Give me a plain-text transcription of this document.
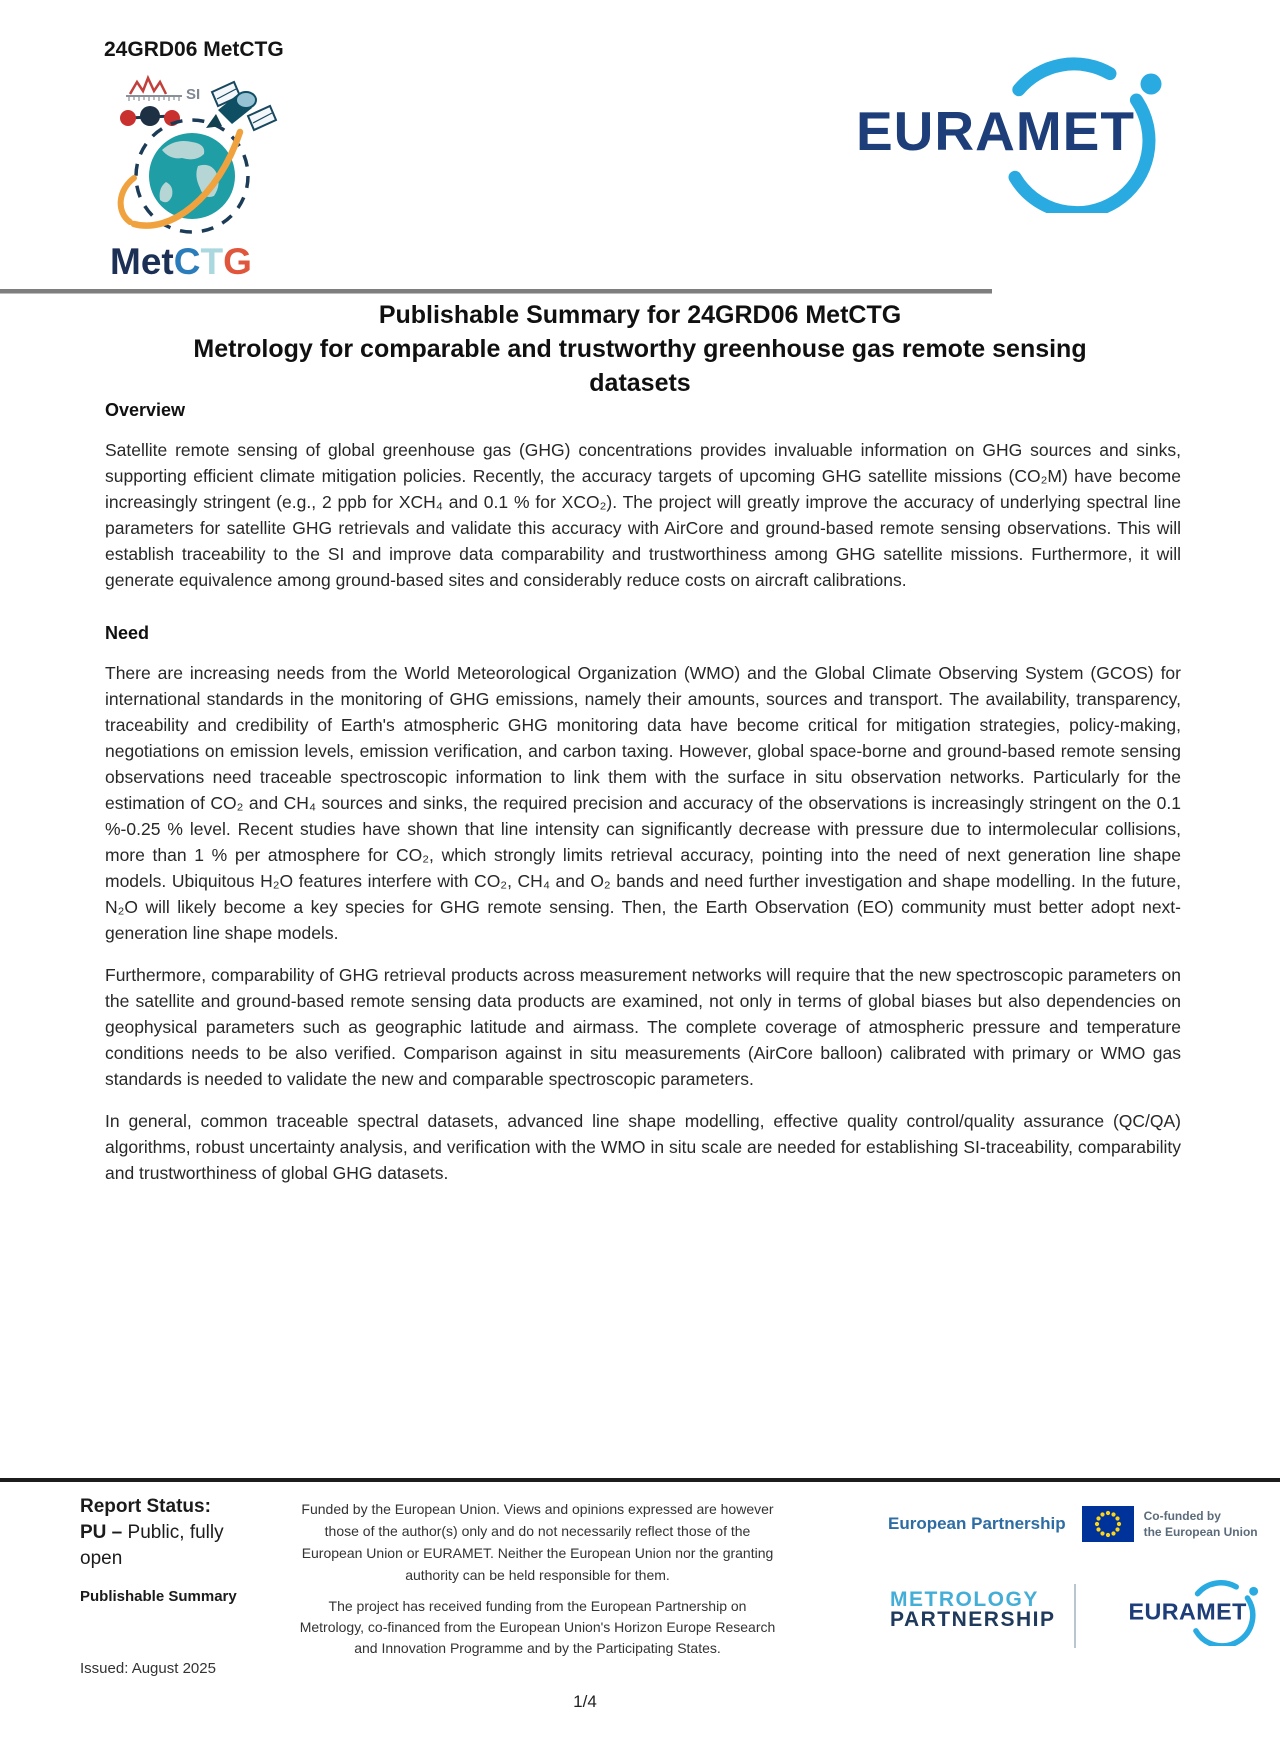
24GRD06 MetCTG
SI
MetCTG
EURAMET
Publishable Summary for 24GRD06 MetCTG
Metrology for comparable and trustworthy greenhouse gas remote sensing datasets
Overview

Satellite remote sensing of global greenhouse gas (GHG) concentrations provides invaluable information on GHG sources and sinks, supporting efficient climate mitigation policies. Recently, the accuracy targets of upcoming GHG satellite missions (CO₂M) have become increasingly stringent (e.g., 2 ppb for XCH₄ and 0.1 % for XCO₂). The project will greatly improve the accuracy of underlying spectral line parameters for satellite GHG retrievals and validate this accuracy with AirCore and ground-based remote sensing observations. This will establish traceability to the SI and improve data comparability and trustworthiness among GHG satellite missions. Furthermore, it will generate equivalence among ground-based sites and considerably reduce costs on aircraft calibrations.

Need

There are increasing needs from the World Meteorological Organization (WMO) and the Global Climate Observing System (GCOS) for international standards in the monitoring of GHG emissions, namely their amounts, sources and transport. The availability, transparency, traceability and credibility of Earth's atmospheric GHG monitoring data have become critical for mitigation strategies, policy-making, negotiations on emission levels, emission verification, and carbon taxing. However, global space-borne and ground-based remote sensing observations need traceable spectroscopic information to link them with the surface in situ observation networks. Particularly for the estimation of CO₂ and CH₄ sources and sinks, the required precision and accuracy of the observations is increasingly stringent on the 0.1 %-0.25 % level. Recent studies have shown that line intensity can significantly decrease with pressure due to intermolecular collisions, more than 1 % per atmosphere for CO₂, which strongly limits retrieval accuracy, pointing into the need of next generation line shape models. Ubiquitous H₂O features interfere with CO₂, CH₄ and O₂ bands and need further investigation and shape modelling. In the future, N₂O will likely become a key species for GHG remote sensing. Then, the Earth Observation (EO) community must better adopt next-generation line shape models.

Furthermore, comparability of GHG retrieval products across measurement networks will require that the new spectroscopic parameters on the satellite and ground-based remote sensing data products are examined, not only in terms of global biases but also dependencies on geophysical parameters such as geographic latitude and airmass. The complete coverage of atmospheric pressure and temperature conditions needs to be also verified. Comparison against in situ measurements (AirCore balloon) calibrated with primary or WMO gas standards is needed to validate the new and comparable spectroscopic parameters.

In general, common traceable spectral datasets, advanced line shape modelling, effective quality control/quality assurance (QC/QA) algorithms, robust uncertainty analysis, and verification with the WMO in situ scale are needed for establishing SI-traceability, comparability and trustworthiness of global GHG datasets.

Report Status:
PU – Public, fully open
Funded by the European Union. Views and opinions expressed are however those of the author(s) only and do not necessarily reflect those of the European Union or EURAMET. Neither the European Union nor the granting authority can be held responsible for them.
Publishable Summary
The project has received funding from the European Partnership on Metrology, co-financed from the European Union's Horizon Europe Research and Innovation Programme and by the Participating States.
Issued: August 2025
European Partnership	Co-funded by
the European Union
METROLOGY
PARTNERSHIP EURAMET
1/4
